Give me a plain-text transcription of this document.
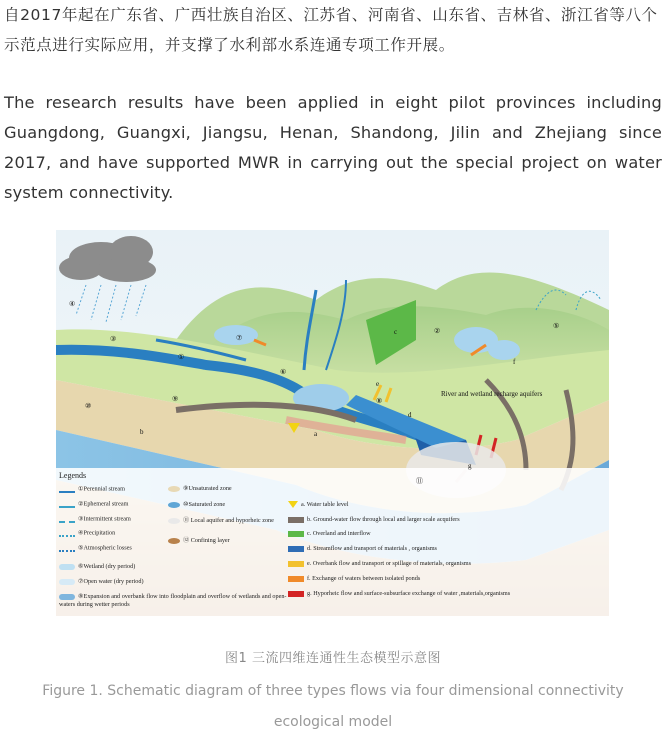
自2017年起在广东省、广西壮族自治区、江苏省、河南省、山东省、吉林省、浙江省等八个示范点进行实际应用，并支撑了水利部水系连通专项工作开展。
The research results have been applied in eight pilot provinces including Guangdong, Guangxi, Jiangsu, Henan, Shandong, Jilin and Zhejiang since 2017, and have supported MWR in carrying out the special project on water system connectivity.
River and wetland recharge aquifers
a
b
c
d
e
f
g
①
②
③
④
⑤
⑥
⑦
⑧
⑨
⑩
⑪
Legends
①Perennial stream
②Ephemeral stream
③Intermittent stream
④Precipitation
⑤Atmospheric losses
⑥Wetland (dry period)
⑦Open water (dry period)
⑧Expansion and overbank flow into floodplain and overflow of wetlands and open-waters during wetter periods
⑨Unsaturated zone
⑩Saturated zone
⑪ Local aquifer and hyporheic zone
⑫ Confining layer
a. Water table level
b. Ground-water flow through local and larger scale acquifers
c. Overland and interflow
d. Streamflow and transport of materials , organisms
e. Overbank flow and transport or spillage of materials, organisms
f. Exchange of waters between isolated ponds
g. Hyporheic flow and surface-subsurface exchange of water ,materials,organisms
图1 三流四维连通性生态模型示意图
Figure 1. Schematic diagram of three types flows via four dimensional connectivity ecological model
